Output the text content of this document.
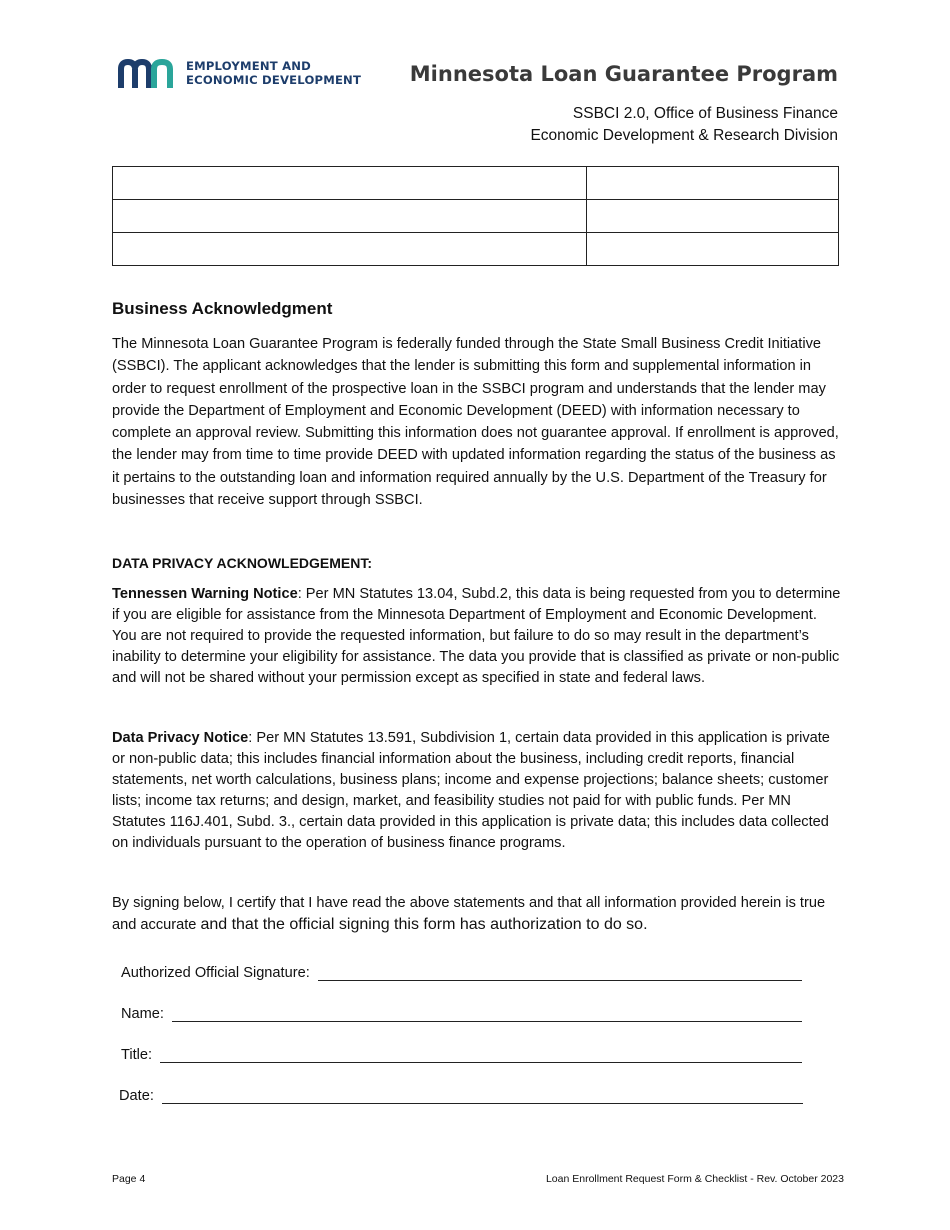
EMPLOYMENT AND
ECONOMIC DEVELOPMENT Minnesota Loan Guarantee Program
SSBCI 2.0, Office of Business Finance
Economic Development & Research Division

Business Acknowledgment

The Minnesota Loan Guarantee Program is federally funded through the State Small Business Credit Initiative (SSBCI). The applicant acknowledges that the lender is submitting this form and supplemental information in order to request enrollment of the prospective loan in the SSBCI program and understands that the lender may provide the Department of Employment and Economic Development (DEED) with information necessary to complete an approval review. Submitting this information does not guarantee approval. If enrollment is approved, the lender may from time to time provide DEED with updated information regarding the status of the business as it pertains to the outstanding loan and information required annually by the U.S. Department of the Treasury for businesses that receive support through SSBCI.

DATA PRIVACY ACKNOWLEDGEMENT:

Tennessen Warning Notice: Per MN Statutes 13.04, Subd.2, this data is being requested from you to determine if you are eligible for assistance from the Minnesota Department of Employment and Economic Development. You are not required to provide the requested information, but failure to do so may result in the department’s inability to determine your eligibility for assistance. The data you provide that is classified as private or non-public and will not be shared without your permission except as specified in state and federal laws.

Data Privacy Notice: Per MN Statutes 13.591, Subdivision 1, certain data provided in this application is private or non-public data; this includes financial information about the business, including credit reports, financial statements, net worth calculations, business plans; income and expense projections; balance sheets; customer lists; income tax returns; and design, market, and feasibility studies not paid for with public funds. Per MN Statutes 116J.401, Subd. 3., certain data provided in this application is private data; this includes data collected on individuals pursuant to the operation of business finance programs.

By signing below, I certify that I have read the above statements and that all information provided herein is true and accurate and that the official signing this form has authorization to do so.

Authorized Official Signature:
Name:
Title:
Date:
Page 4	Loan Enrollment Request Form & Checklist - Rev. October 2023
